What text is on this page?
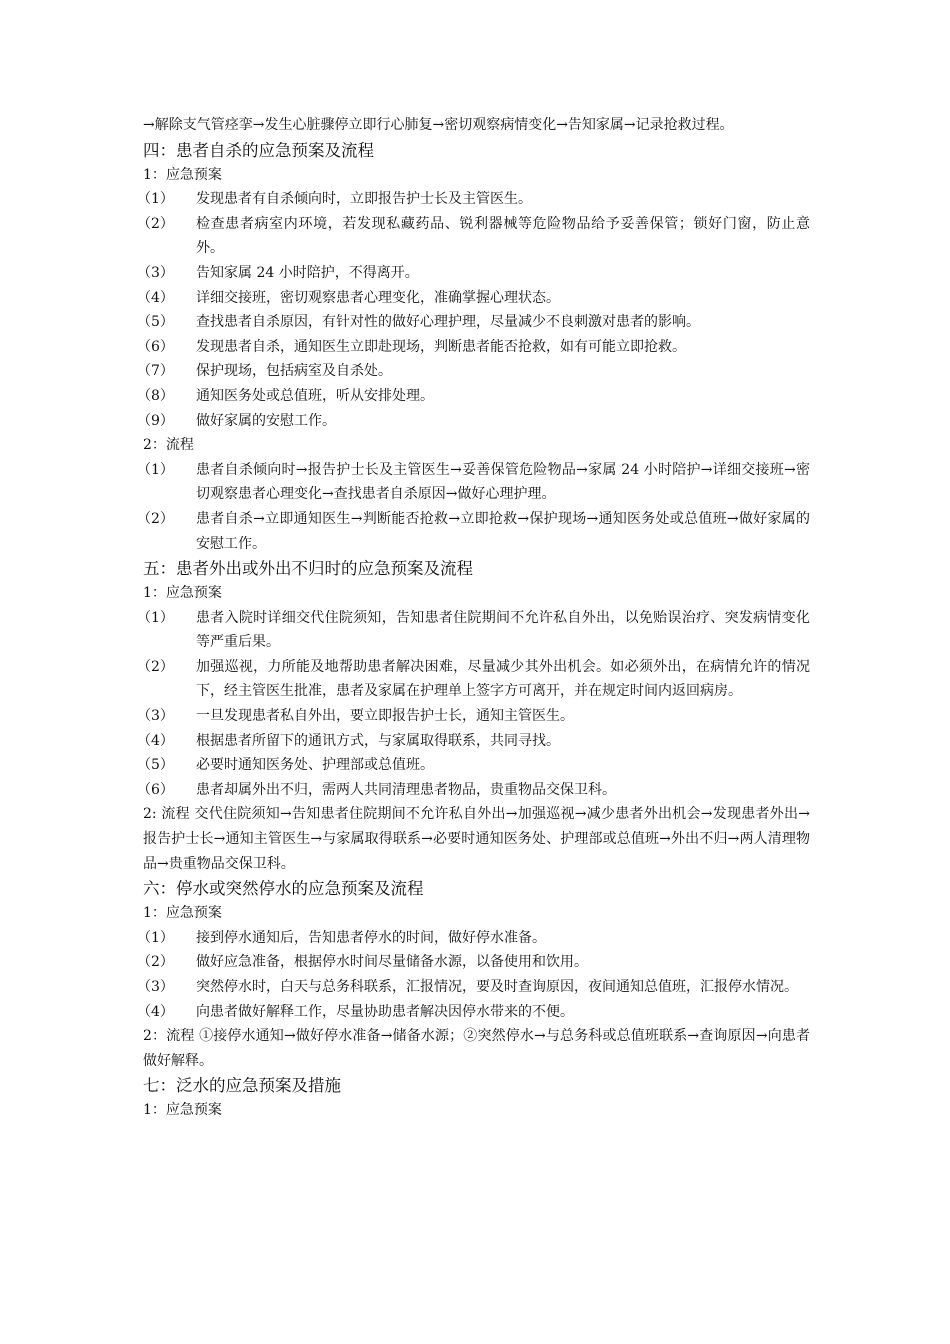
→解除支气管痉挛→发生心脏骤停立即行心肺复→密切观察病情变化→告知家属→记录抢救过程。

四：患者自杀的应急预案及流程

1：应急预案

（1）	发现患者有自杀倾向时，立即报告护士长及主管医生。
（2）	检查患者病室内环境，若发现私藏药品、锐利器械等危险物品给予妥善保管；锁好门窗，防止意外。
（3）	告知家属 24 小时陪护，不得离开。
（4）	详细交接班，密切观察患者心理变化，准确掌握心理状态。
（5）	查找患者自杀原因，有针对性的做好心理护理，尽量减少不良刺激对患者的影响。
（6）	发现患者自杀，通知医生立即赴现场，判断患者能否抢救，如有可能立即抢救。
（7）	保护现场，包括病室及自杀处。
（8）	通知医务处或总值班，听从安排处理。
（9）	做好家属的安慰工作。

2：流程

（1）	患者自杀倾向时→报告护士长及主管医生→妥善保管危险物品→家属 24 小时陪护→详细交接班→密切观察患者心理变化→查找患者自杀原因→做好心理护理。
（2）	患者自杀→立即通知医生→判断能否抢救→立即抢救→保护现场→通知医务处或总值班→做好家属的安慰工作。

五：患者外出或外出不归时的应急预案及流程

1：应急预案

（1）	患者入院时详细交代住院须知，告知患者住院期间不允许私自外出，以免贻误治疗、突发病情变化等严重后果。
（2）	加强巡视，力所能及地帮助患者解决困难，尽量减少其外出机会。如必须外出，在病情允许的情况下，经主管医生批准，患者及家属在护理单上签字方可离开，并在规定时间内返回病房。
（3）	一旦发现患者私自外出，要立即报告护士长，通知主管医生。
（4）	根据患者所留下的通讯方式，与家属取得联系，共同寻找。
（5）	必要时通知医务处、护理部或总值班。
（6）	患者却属外出不归，需两人共同清理患者物品，贵重物品交保卫科。

2: 流程 交代住院须知→告知患者住院期间不允许私自外出→加强巡视→减少患者外出机会→发现患者外出→报告护士长→通知主管医生→与家属取得联系→必要时通知医务处、护理部或总值班→外出不归→两人清理物品→贵重物品交保卫科。

六：停水或突然停水的应急预案及流程

1：应急预案

（1）	接到停水通知后，告知患者停水的时间，做好停水准备。
（2）	做好应急准备，根据停水时间尽量储备水源，以备使用和饮用。
（3）	突然停水时，白天与总务科联系，汇报情况，要及时查询原因，夜间通知总值班，汇报停水情况。
（4）	向患者做好解释工作，尽量协助患者解决因停水带来的不便。

2：流程 ①接停水通知→做好停水准备→储备水源；②突然停水→与总务科或总值班联系→查询原因→向患者做好解释。

七：泛水的应急预案及措施

1：应急预案
